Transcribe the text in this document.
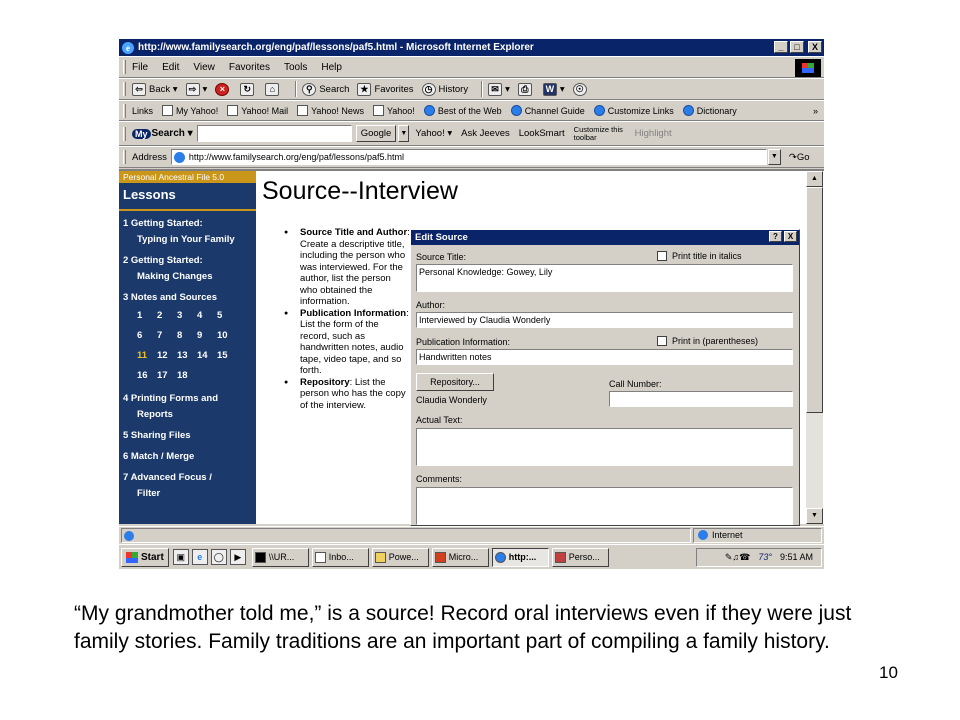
e http://www.familysearch.org/eng/paf/lessons/paf5.html - Microsoft Internet Explorer	_	□	X
File Edit View Favorites Tools Help
⇦ Back ▾	⇨ ▾	×	↻	⌂	⚲ Search	★ Favorites	◷ History	✉ ▾	⎙	W ▾	☉
Links	My Yahoo!	Yahoo! Mail	Yahoo! News	Yahoo!	Best of the Web	Channel Guide	Customize Links	Dictionary	»
My Search ▾	Google	▼ Yahoo! ▾ Ask Jeeves LookSmart Customize this toolbar	Highlight
Address http://www.familysearch.org/eng/paf/lessons/paf5.html	▼	↷Go
Personal Ancestral File 5.0
Lessons
1 Getting Started:
Typing in Your Family
2 Getting Started:
Making Changes
3 Notes and Sources
1 2 3 4 5
6 7 8 9 10
11 12 13 14 15
16 17 18
4 Printing Forms and
Reports
5 Sharing Files
6 Match / Merge
7 Advanced Focus /
Filter
Source--Interview
● Source Title and Author: Create a descriptive title, including the person who was interviewed. For the author, list the person who obtained the information.
● Publication Information: List the form of the record, such as handwritten notes, audio tape, video tape, and so forth.
● Repository: List the person who has the copy of the interview.
Edit Source	?	X
Source Title:	Print title in italics
Personal Knowledge: Gowey, Lily
Author:
Interviewed by Claudia Wonderly
Publication Information:	Print in (parentheses)
Handwritten notes
Repository...
Claudia Wonderly
Call Number:
Actual Text:
Comments:
▲
▼
Internet
Start	▣	e	◯	▶	\\UR...	Inbo...	Powe...	Micro...	http:...	Perso...	✎♫☎ 73° 9:51 AM
“My grandmother told me,” is a source! Record oral interviews even if they were just family stories. Family traditions are an important part of compiling a family history.
10
